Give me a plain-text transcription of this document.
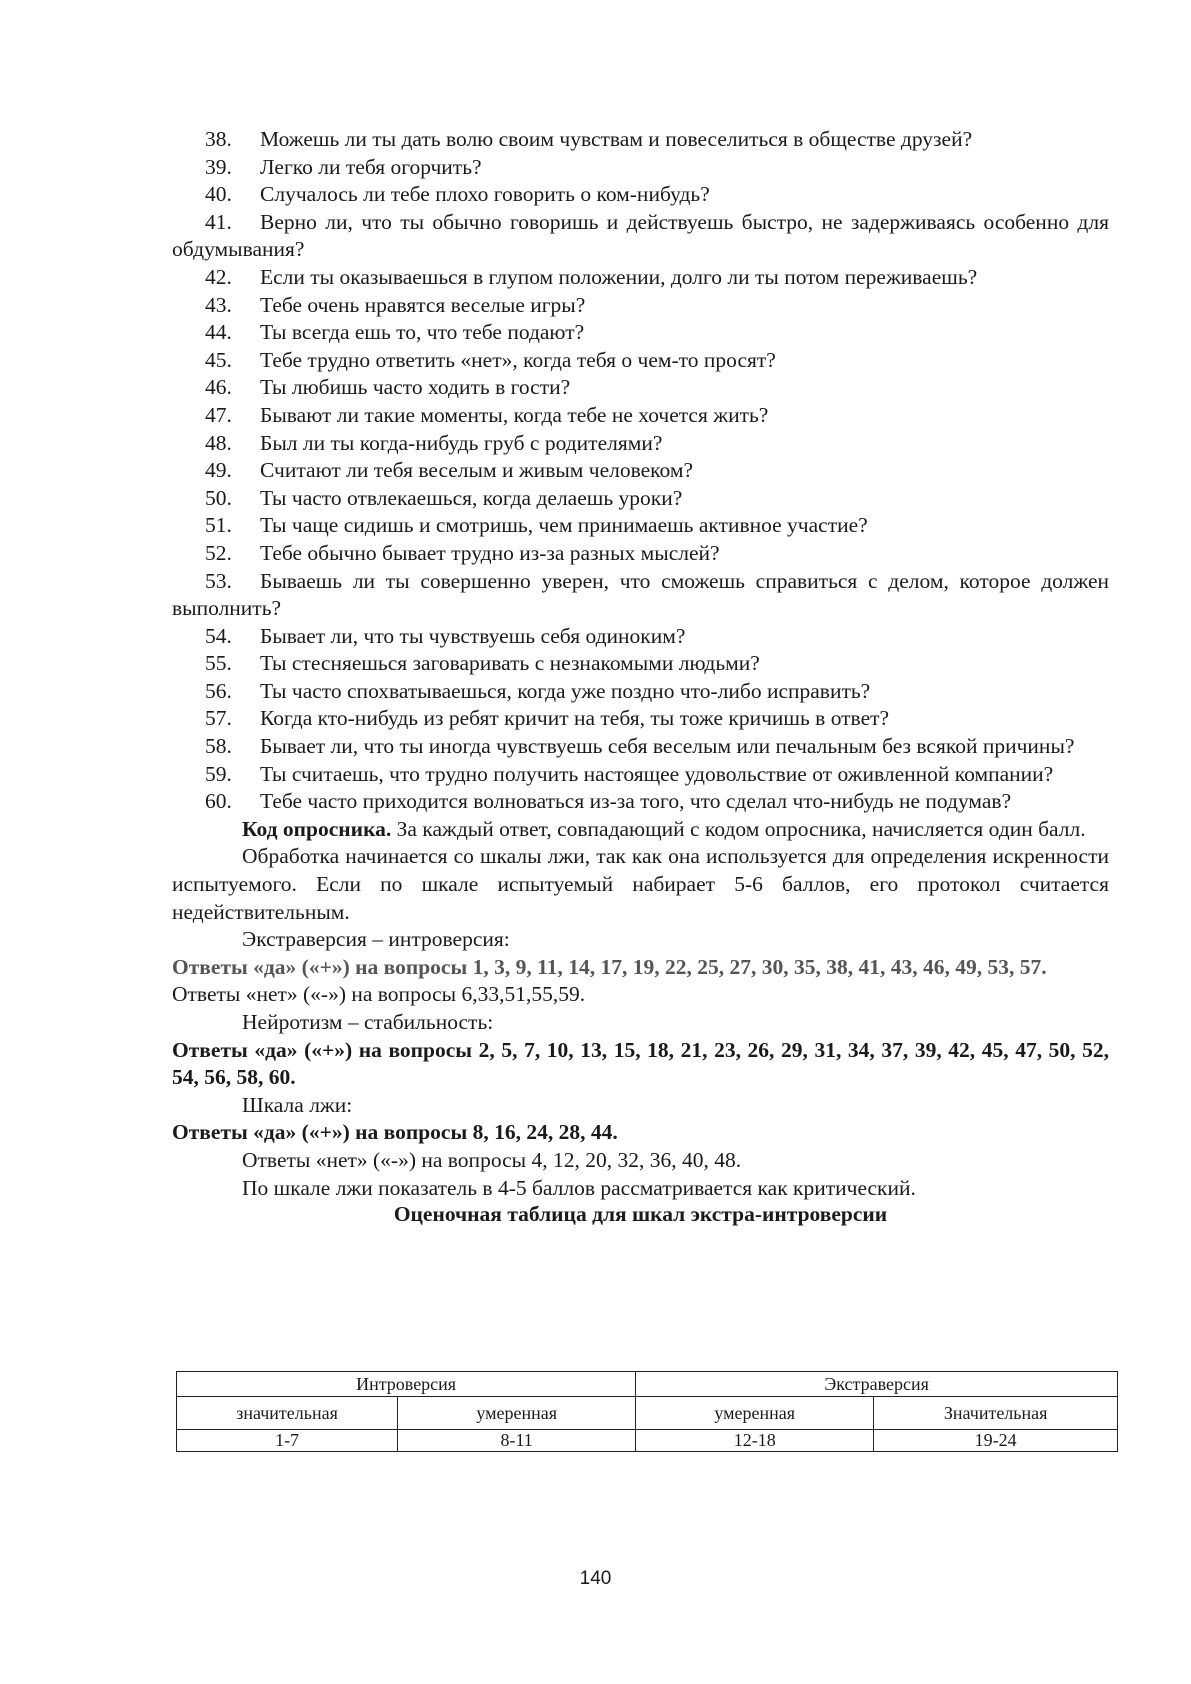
38. Можешь ли ты дать волю своим чувствам и повеселиться в обществе друзей?
39. Легко ли тебя огорчить?
40. Случалось ли тебе плохо говорить о ком-нибудь?
41. Верно ли, что ты обычно говоришь и действуешь быстро, не задерживаясь особенно для обдумывания?
42. Если ты оказываешься в глупом положении, долго ли ты потом переживаешь?
43. Тебе очень нравятся веселые игры?
44. Ты всегда ешь то, что тебе подают?
45. Тебе трудно ответить «нет», когда тебя о чем-то просят?
46. Ты любишь часто ходить в гости?
47. Бывают ли такие моменты, когда тебе не хочется жить?
48. Был ли ты когда-нибудь груб с родителями?
49. Считают ли тебя веселым и живым человеком?
50. Ты часто отвлекаешься, когда делаешь уроки?
51. Ты чаще сидишь и смотришь, чем принимаешь активное участие?
52. Тебе обычно бывает трудно из-за разных мыслей?
53. Бываешь ли ты совершенно уверен, что сможешь справиться с делом, которое должен выполнить?
54. Бывает ли, что ты чувствуешь себя одиноким?
55. Ты стесняешься заговаривать с незнакомыми людьми?
56. Ты часто спохватываешься, когда уже поздно что-либо исправить?
57. Когда кто-нибудь из ребят кричит на тебя, ты тоже кричишь в ответ?
58. Бывает ли, что ты иногда чувствуешь себя веселым или печальным без всякой причины?
59. Ты считаешь, что трудно получить настоящее удовольствие от оживленной компании?
60. Тебе часто приходится волноваться из-за того, что сделал что-нибудь не подумав?
Код опросника. За каждый ответ, совпадающий с кодом опросника, начисляется один балл.
Обработка начинается со шкалы лжи, так как она используется для определения искренности испытуемого. Если по шкале испытуемый набирает 5-6 баллов, его протокол считается недействительным.
Экстраверсия – интроверсия:
Ответы «да» («+») на вопросы 1, 3, 9, 11, 14, 17, 19, 22, 25, 27, 30, 35, 38, 41, 43, 46, 49, 53, 57.
Ответы «нет» («-») на вопросы 6,33,51,55,59.
Нейротизм – стабильность:
Ответы «да» («+») на вопросы 2, 5, 7, 10, 13, 15, 18, 21, 23, 26, 29, 31, 34, 37, 39, 42, 45, 47, 50, 52, 54, 56, 58, 60.
Шкала лжи:
Ответы «да» («+») на вопросы 8, 16, 24, 28, 44.
Ответы «нет» («-») на вопросы 4, 12, 20, 32, 36, 40, 48.
По шкале лжи показатель в 4-5 баллов рассматривается как критический.
Оценочная таблица для шкал экстра-интроверсии
Интроверсия		Экстраверсия	
значительная	умеренная	умеренная	Значительная
1-7	8-11	12-18	19-24
140
